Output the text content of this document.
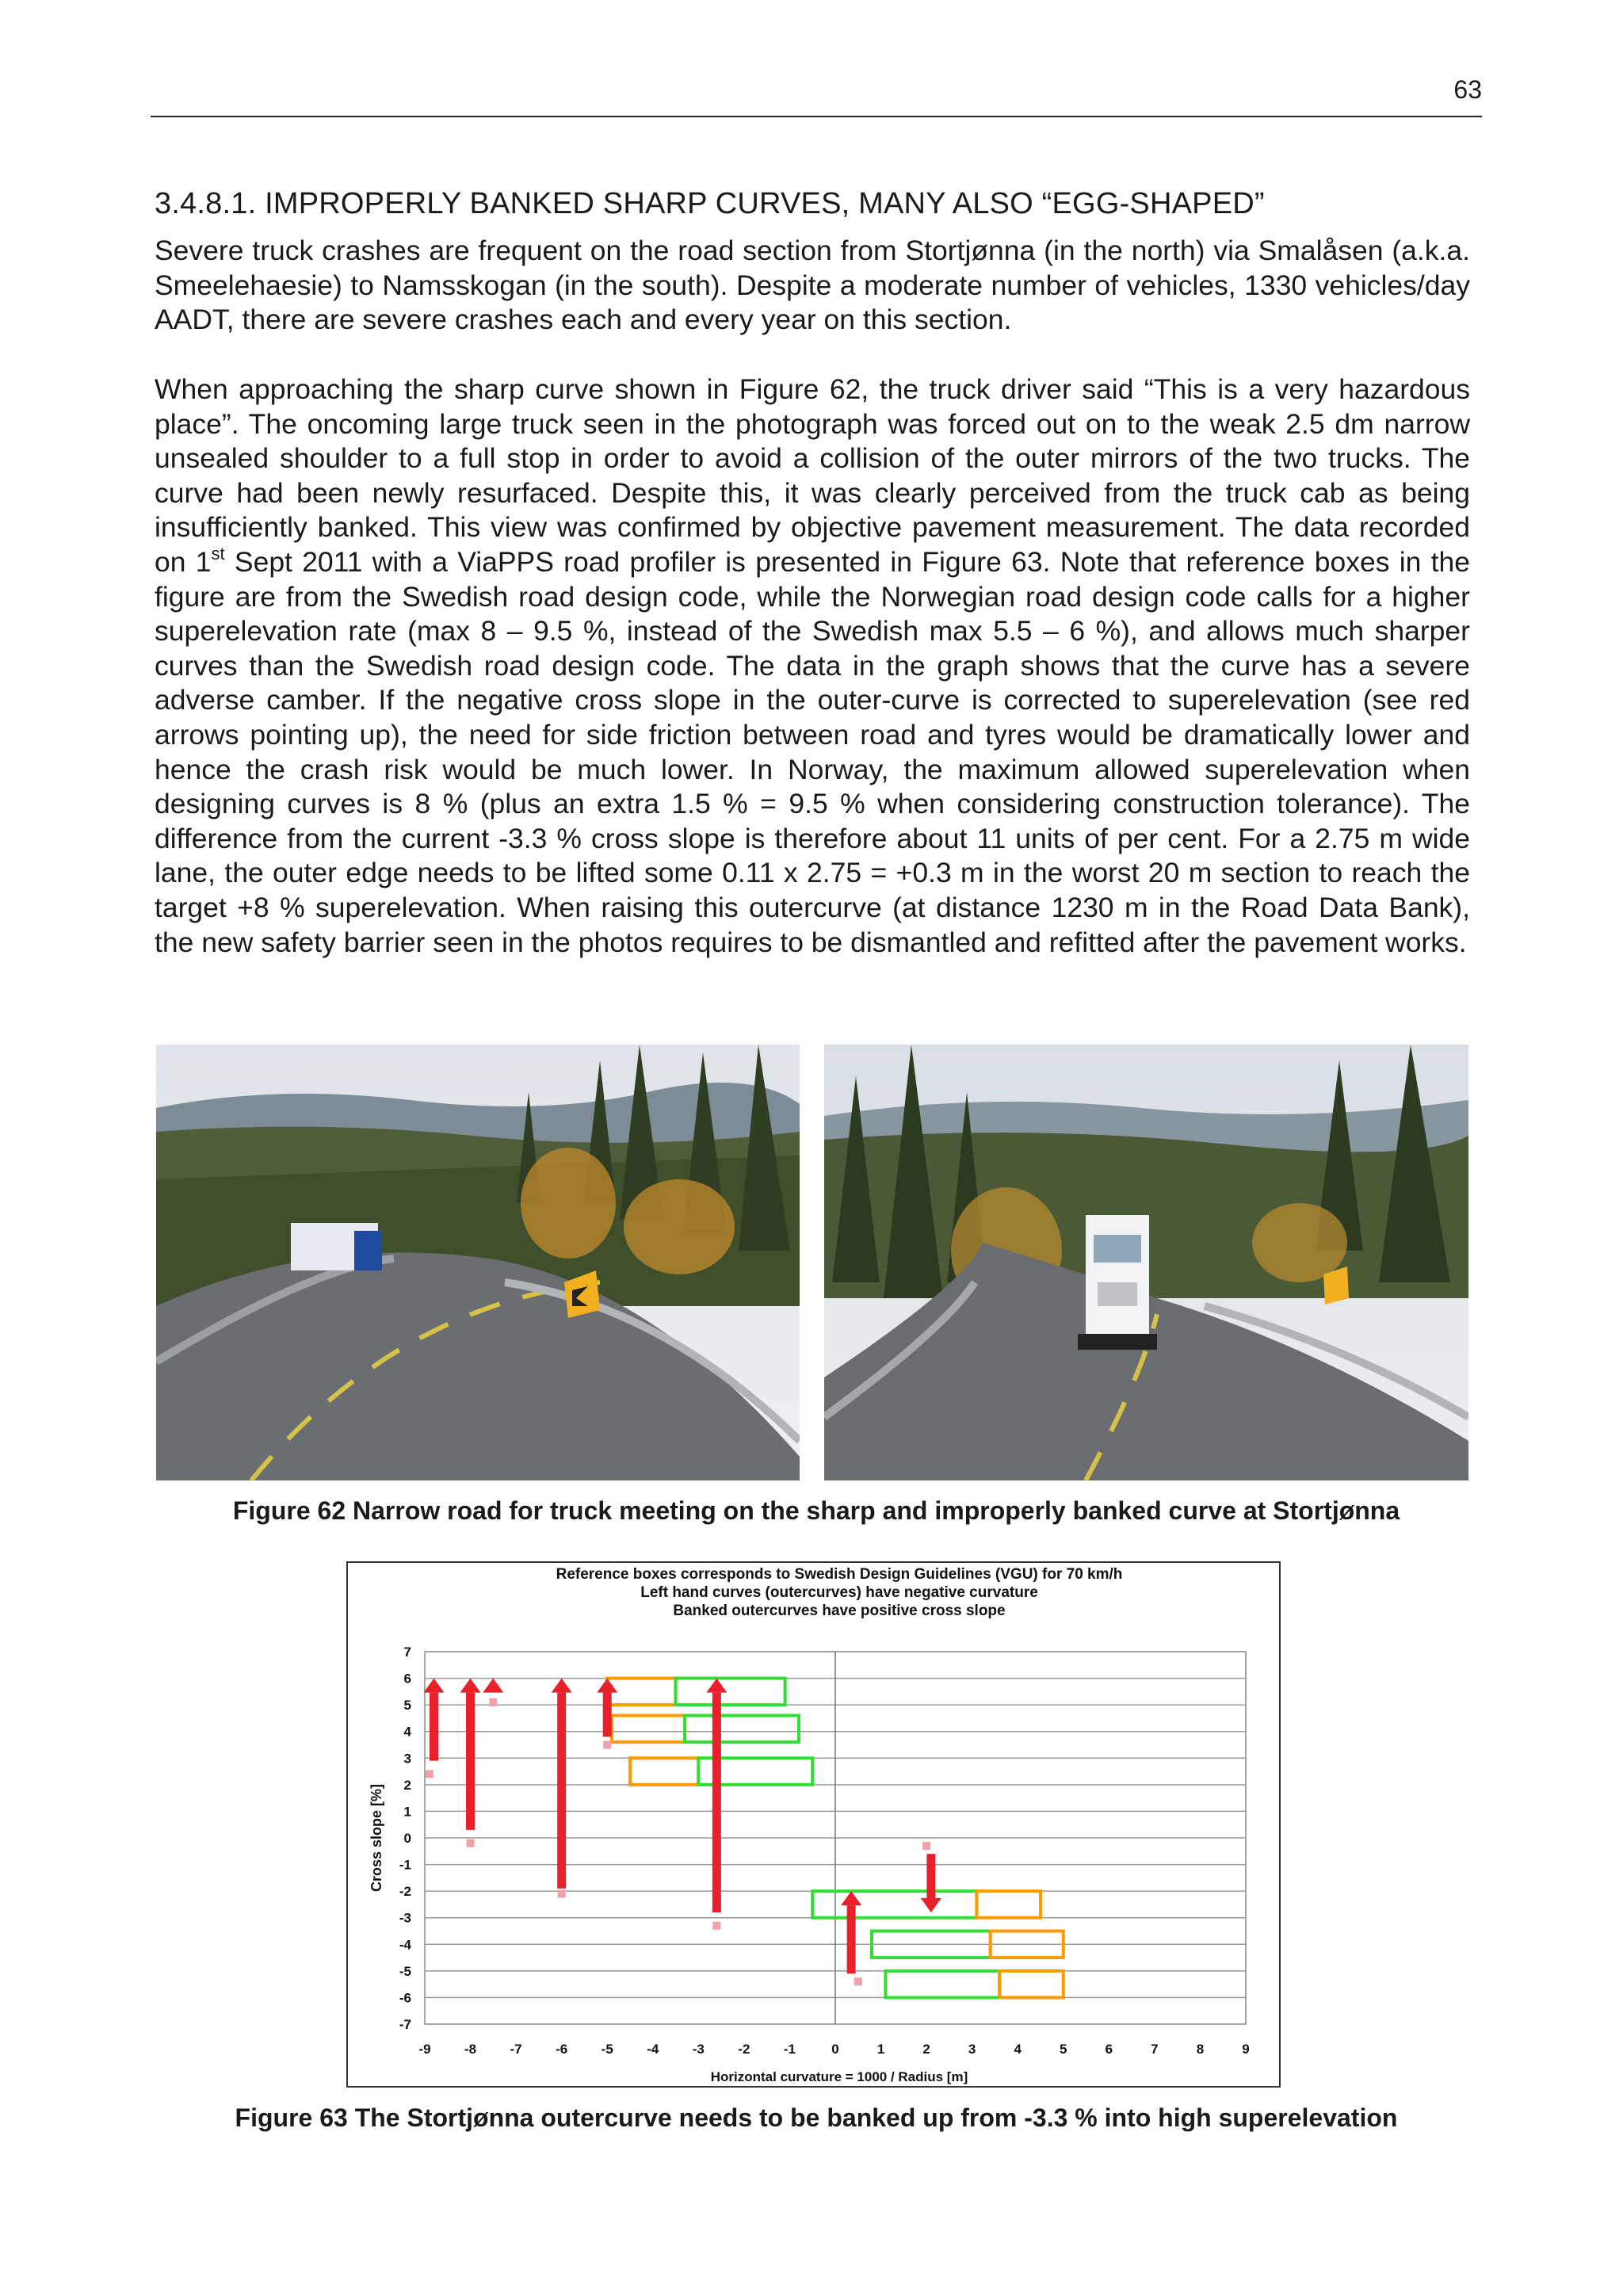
63
3.4.8.1. IMPROPERLY BANKED SHARP CURVES, MANY ALSO “EGG-SHAPED”

Severe truck crashes are frequent on the road section from Stortjønna (in the north) via Smalåsen (a.k.a. Smeelehaesie) to Namsskogan (in the south). Despite a moderate number of vehicles, 1330 vehicles/day AADT, there are severe crashes each and every year on this section.

When approaching the sharp curve shown in Figure 62, the truck driver said “This is a very hazardous place”. The oncoming large truck seen in the photograph was forced out on to the weak 2.5 dm narrow unsealed shoulder to a full stop in order to avoid a collision of the outer mirrors of the two trucks. The curve had been newly resurfaced. Despite this, it was clearly perceived from the truck cab as being insufficiently banked. This view was confirmed by objective pavement measurement. The data recorded on 1st Sept 2011 with a ViaPPS road profiler is presented in Figure 63. Note that reference boxes in the figure are from the Swedish road design code, while the Norwegian road design code calls for a higher superelevation rate (max 8 – 9.5 %, instead of the Swedish max 5.5 – 6 %), and allows much sharper curves than the Swedish road design code. The data in the graph shows that the curve has a severe adverse camber. If the negative cross slope in the outer-curve is corrected to superelevation (see red arrows pointing up), the need for side friction between road and tyres would be dramatically lower and hence the crash risk would be much lower. In Norway, the maximum allowed superelevation when designing curves is 8 % (plus an extra 1.5 % = 9.5 % when considering construction tolerance). The difference from the current -3.3 % cross slope is therefore about 11 units of per cent. For a 2.75 m wide lane, the outer edge needs to be lifted some 0.11 x 2.75 = +0.3 m in the worst 20 m section to reach the target +8 % superelevation. When raising this outercurve (at distance 1230 m in the Road Data Bank), the new safety barrier seen in the photos requires to be dismantled and refitted after the pavement works.

Figure 62 Narrow road for truck meeting on the sharp and improperly banked curve at Stortjønna

Reference boxes corresponds to Swedish Design Guidelines (VGU) for 70 km/h
Left hand curves (outercurves) have negative curvature
Banked outercurves have positive cross slope
7
6
5
4
3
2
1
0
-1
-2
-3
-4
-5
-6
-7
-9 -8 -7 -6 -5 -4 -3 -2 -1	0	1	2	3	4	5	6	7	8	9
Horizontal curvature = 1000 / Radius [m]
Cross slope [%]

Figure 63 The Stortjønna outercurve needs to be banked up from -3.3 % into high superelevation
